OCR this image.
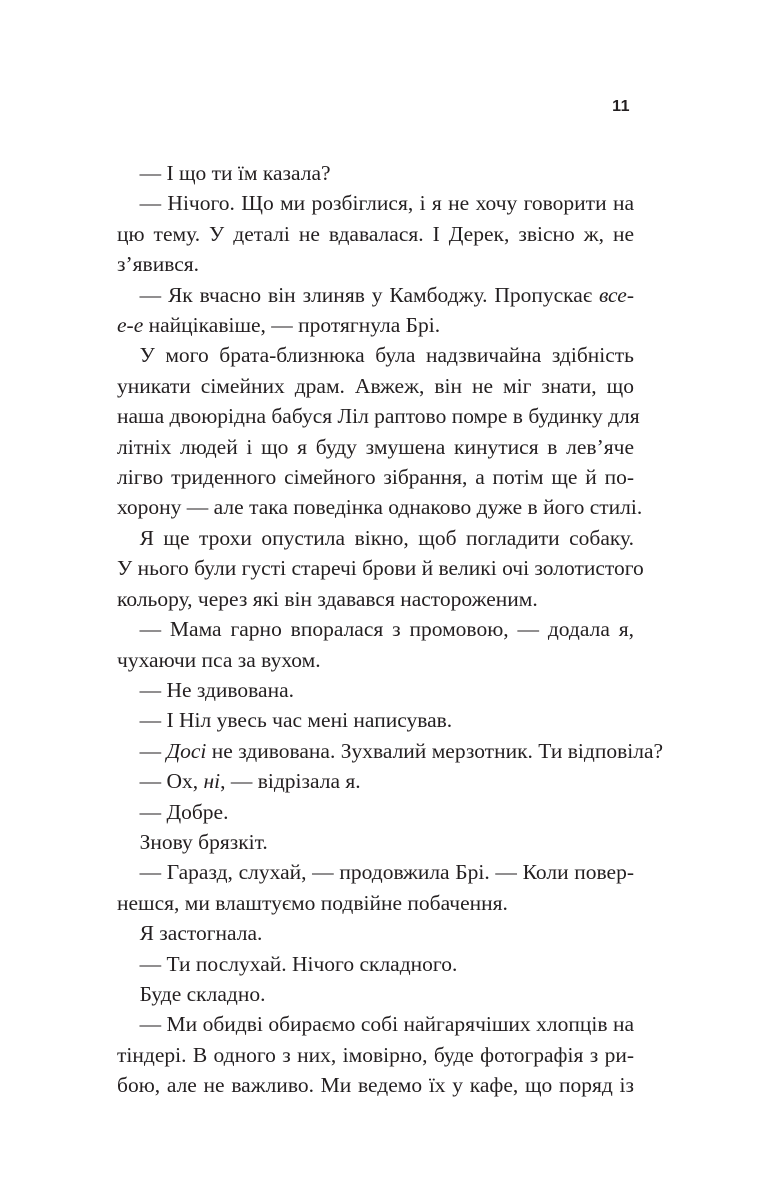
11
— І що ти їм казала?
— Нічого. Що ми розбіглися, і я не хочу говорити на
цю тему. У деталі не вдавалася. І Дерек, звісно ж, не
з’явився.
— Як вчасно він злиняв у Камбоджу. Пропускає все-
е-е найцікавіше, — протягнула Брі.
У мого брата-близнюка була надзвичайна здібність
уникати сімейних драм. Авжеж, він не міг знати, що
наша двоюрідна бабуся Ліл раптово помре в будинку для
літніх людей і що я буду змушена кинутися в лев’яче
лігво триденного сімейного зібрання, а потім ще й по-
хорону — але така поведінка однаково дуже в його стилі.
Я ще трохи опустила вікно, щоб погладити собаку.
У нього були густі старечі брови й великі очі золотистого
кольору, через які він здавався настороженим.
— Мама гарно впоралася з промовою, — додала я,
чухаючи пса за вухом.
— Не здивована.
— І Ніл увесь час мені написував.
— Досі не здивована. Зухвалий мерзотник. Ти відповіла?
— Ох, ні, — відрізала я.
— Добре.
Знову брязкіт.
— Гаразд, слухай, — продовжила Брі. — Коли повер-
нешся, ми влаштуємо подвійне побачення.
Я застогнала.
— Ти послухай. Нічого складного.
Буде складно.
— Ми обидві обираємо собі найгарячіших хлопців на
тіндері. В одного з них, імовірно, буде фотографія з ри-
бою, але не важливо. Ми ведемо їх у кафе, що поряд із
